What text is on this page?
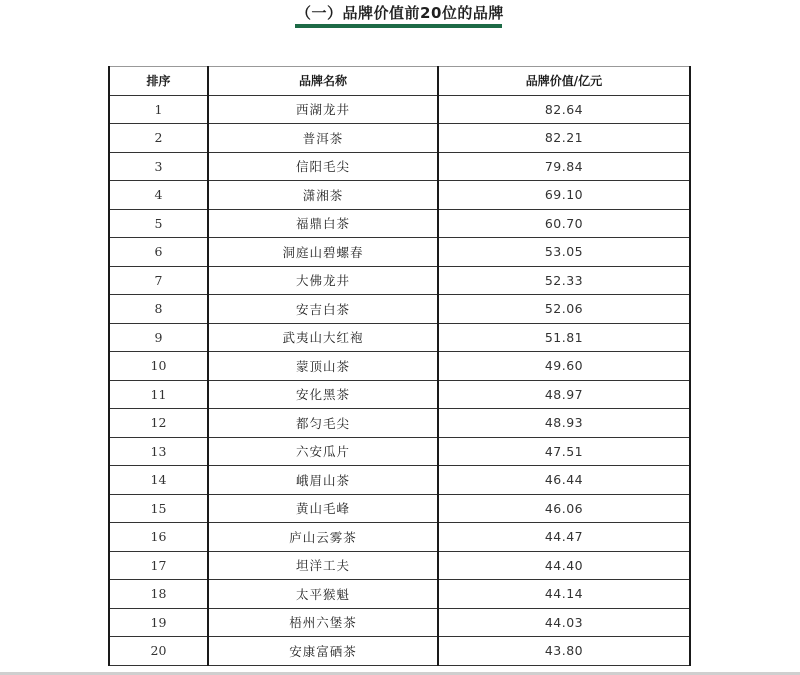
（一）品牌价值前20位的品牌
排序	品牌名称	品牌价值/亿元
1	西湖龙井	82.64
2	普洱茶	82.21
3	信阳毛尖	79.84
4	潇湘茶	69.10
5	福鼎白茶	60.70
6	洞庭山碧螺春	53.05
7	大佛龙井	52.33
8	安吉白茶	52.06
9	武夷山大红袍	51.81
10	蒙顶山茶	49.60
11	安化黑茶	48.97
12	都匀毛尖	48.93
13	六安瓜片	47.51
14	峨眉山茶	46.44
15	黄山毛峰	46.06
16	庐山云雾茶	44.47
17	坦洋工夫	44.40
18	太平猴魁	44.14
19	梧州六堡茶	44.03
20	安康富硒茶	43.80
